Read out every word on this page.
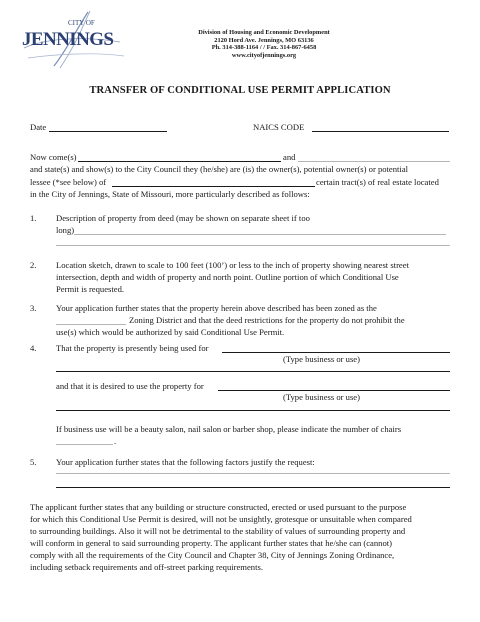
CITY OF
JENNINGS	Division of Housing and Economic Development
2120 Hord Ave. Jennings, MO 63136
Ph. 314-388-1164 / / Fax. 314-867-6458
www.cityofjennings.org
TRANSFER OF CONDITIONAL USE PERMIT APPLICATION
Date	NAICS CODE
Now come(s)	and
and state(s) and show(s) to the City Council they (he/she) are (is) the owner(s), potential owner(s) or potential
lessee (*see below) of	certain tract(s) of real estate located
in the City of Jennings, State of Missouri, more particularly described as follows:
1. Description of property from deed (may be shown on separate sheet if too
long)
2. Location sketch, drawn to scale to 100 feet (100’) or less to the inch of property showing nearest street
intersection, depth and width of property and north point. Outline portion of which Conditional Use
Permit is requested.
3. Your application further states that the property herein above described has been zoned as the
Zoning District and that the deed restrictions for the property do not prohibit the
use(s) which would be authorized by said Conditional Use Permit.
4. That the property is presently being used for
(Type business or use)
and that it is desired to use the property for
(Type business or use)
If business use will be a beauty salon, nail salon or barber shop, please indicate the number of chairs
.
5. Your application further states that the following factors justify the request:
The applicant further states that any building or structure constructed, erected or used pursuant to the purpose
for which this Conditional Use Permit is desired, will not be unsightly, grotesque or unsuitable when compared
to surrounding buildings. Also it will not be detrimental to the stability of values of surrounding property and
will conform in general to said surrounding property. The applicant further states that he/she can (cannot)
comply with all the requirements of the City Council and Chapter 38, City of Jennings Zoning Ordinance,
including setback requirements and off-street parking requirements.
